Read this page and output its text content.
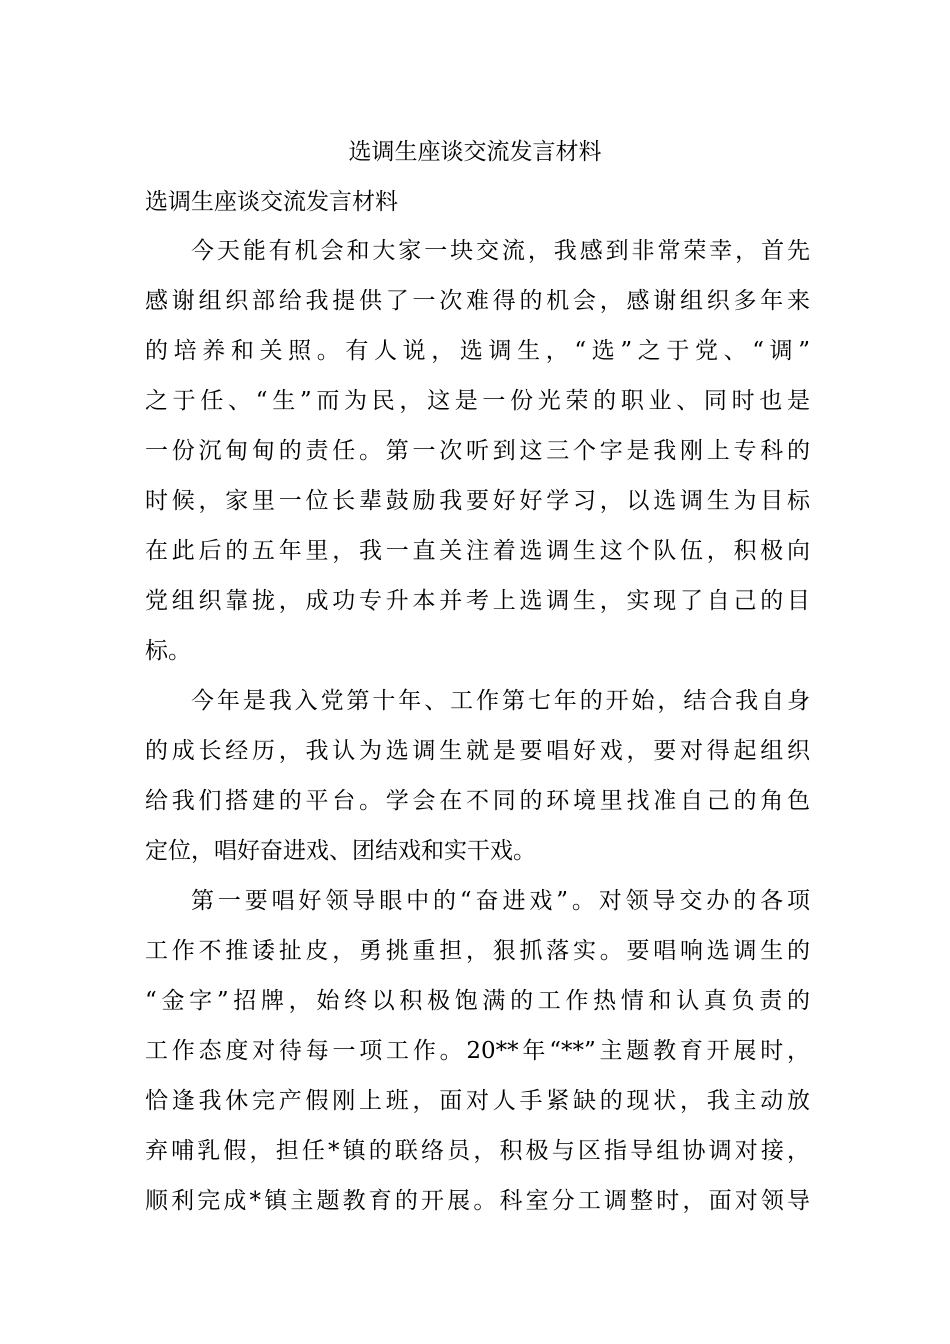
选调生座谈交流发言材料
选调生座谈交流发言材料
今天能有机会和大家一块交流，我感到非常荣幸，首先
感谢组织部给我提供了一次难得的机会，感谢组织多年来
的培养和关照。有人说，选调生，“选”之于党、“调”
之于任、“生”而为民，这是一份光荣的职业、同时也是
一份沉甸甸的责任。第一次听到这三个字是我刚上专科的
时候，家里一位长辈鼓励我要好好学习，以选调生为目标
在此后的五年里，我一直关注着选调生这个队伍，积极向
党组织靠拢，成功专升本并考上选调生，实现了自己的目
标。
今年是我入党第十年、工作第七年的开始，结合我自身
的成长经历，我认为选调生就是要唱好戏，要对得起组织
给我们搭建的平台。学会在不同的环境里找准自己的角色
定位，唱好奋进戏、团结戏和实干戏。
第一要唱好领导眼中的“奋进戏”。对领导交办的各项
工作不推诿扯皮，勇挑重担，狠抓落实。要唱响选调生的
“金字”招牌，始终以积极饱满的工作热情和认真负责的
工作态度对待每一项工作。20**年“**”主题教育开展时，
恰逢我休完产假刚上班，面对人手紧缺的现状，我主动放
弃哺乳假，担任*镇的联络员，积极与区指导组协调对接，
顺利完成*镇主题教育的开展。科室分工调整时，面对领导
